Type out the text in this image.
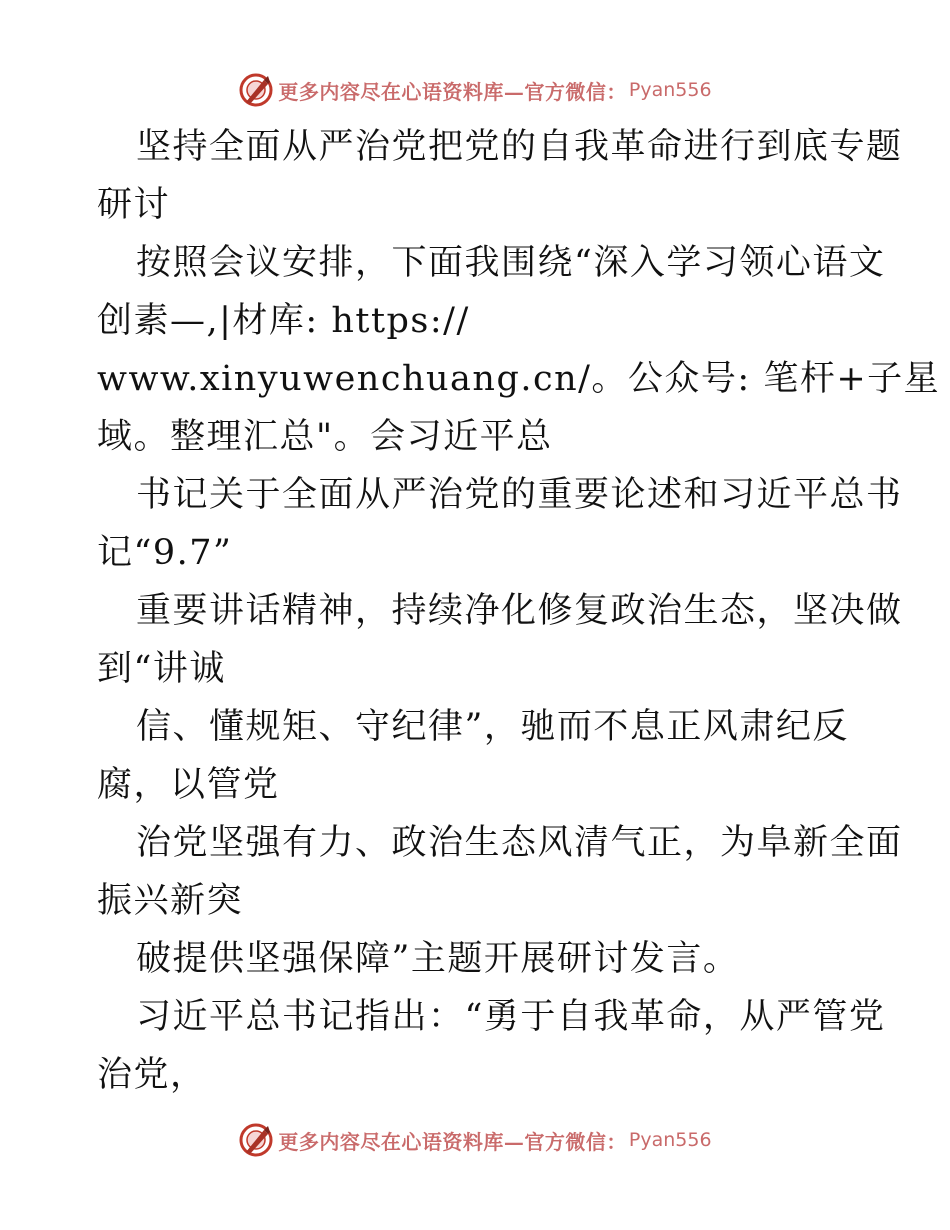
更多内容尽在心语资料库—官方微信： Pyan556
坚持全面从严治党把党的自我革命进行到底专题
研讨
按照会议安排，下面我围绕“深入学习领心语文
创素—,|材库: https://
www.xinyuwenchuang.cn/。公众号: 笔杆+子星
域。整理汇总"。会习近平总
书记关于全面从严治党的重要论述和习近平总书
记“9.7”
重要讲话精神，持续净化修复政治生态，坚决做
到“讲诚
信、懂规矩、守纪律”，驰而不息正风肃纪反
腐，以管党
治党坚强有力、政治生态风清气正，为阜新全面
振兴新突
破提供坚强保障”主题开展研讨发言。
习近平总书记指出：“勇于自我革命，从严管党
治党，
更多内容尽在心语资料库—官方微信： Pyan556
